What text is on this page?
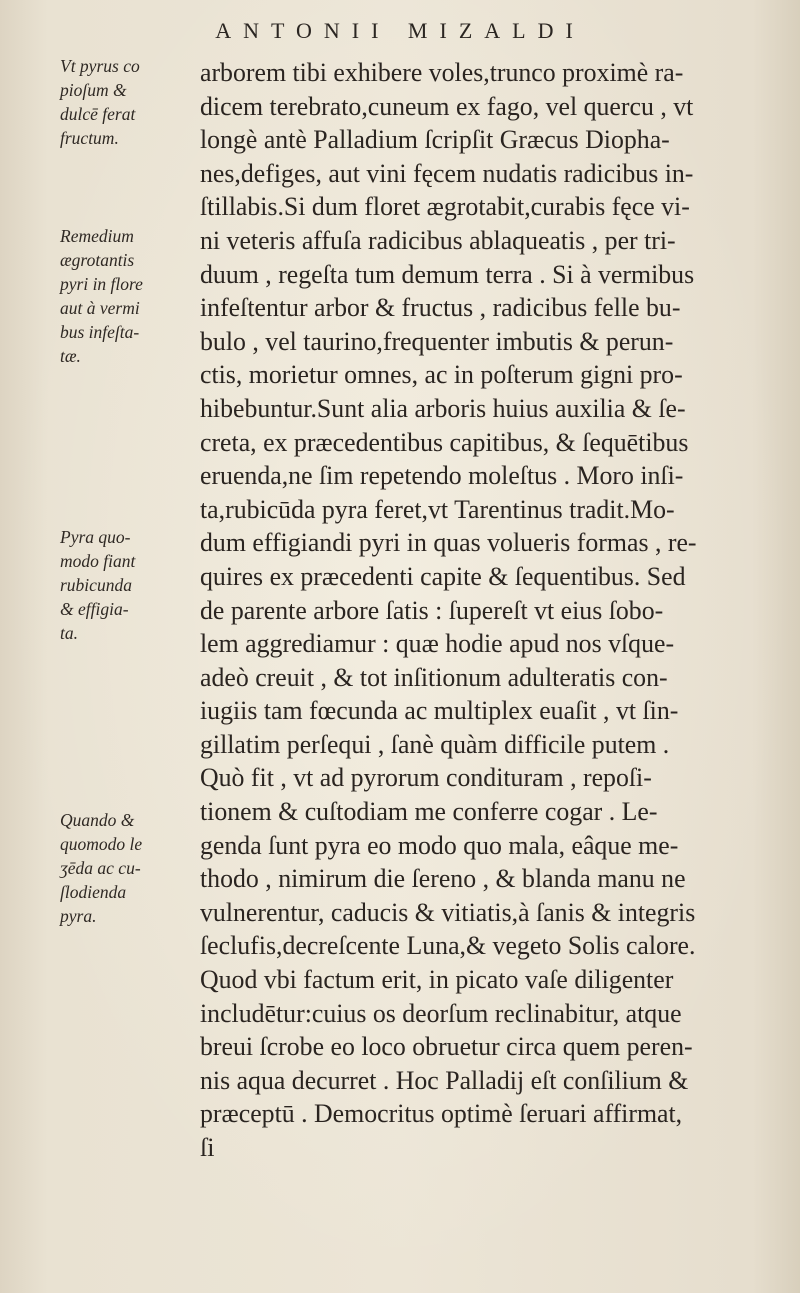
ANTONII MIZALDI
Vt pyrus co
pioſum &
dulcē ferat
fructum.
Remedium
ægrotantis
pyri in flore
aut à vermi
bus infeſta-
tæ.
Pyra quo-
modo fiant
rubicunda
& effigia-
ta.
Quando &
quomodo le
ʒēda ac cu-
ſlodienda
pyra.
arborem tibi exhibere voles,trunco proximè ra-
dicem terebrato,cuneum ex fago, vel quercu , vt
longè antè Palladium ſcripſit Græcus Diopha-
nes,defiges, aut vini fęcem nudatis radicibus in-
ſtillabis.Si dum floret ægrotabit,curabis fęce vi-
ni veteris affuſa radicibus ablaqueatis , per tri-
duum , regeſta tum demum terra . Si à vermibus
infeſtentur arbor & fructus , radicibus felle bu-
bulo , vel taurino,frequenter imbutis & perun-
ctis, morietur omnes, ac in poſterum gigni pro-
hibebuntur.Sunt alia arboris huius auxilia & ſe-
creta, ex præcedentibus capitibus, & ſequētibus
eruenda,ne ſim repetendo moleſtus . Moro inſi-
ta,rubicūda pyra feret,vt Tarentinus tradit.Mo-
dum effigiandi pyri in quas volueris formas , re-
quires ex præcedenti capite & ſequentibus. Sed
de parente arbore ſatis : ſupereſt vt eius ſobo-
lem aggrediamur : quæ hodie apud nos vſque-
adeò creuit , & tot inſitionum adulteratis con-
iugiis tam fœcunda ac multiplex euaſit , vt ſin-
gillatim perſequi , ſanè quàm difficile putem .
Quò fit , vt ad pyrorum condituram , repoſi-
tionem & cuſtodiam me conferre cogar . Le-
genda ſunt pyra eo modo quo mala, eâque me-
thodo , nimirum die ſereno , & blanda manu ne
vulnerentur, caducis & vitiatis,à ſanis & integris
ſeclufis,decreſcente Luna,& vegeto Solis calore.
Quod vbi factum erit, in picato vaſe diligenter
includētur:cuius os deorſum reclinabitur, atque
breui ſcrobe eo loco obruetur circa quem peren-
nis aqua decurret . Hoc Palladij eſt conſilium &
præceptū . Democritus optimè ſeruari affirmat,
ſi
